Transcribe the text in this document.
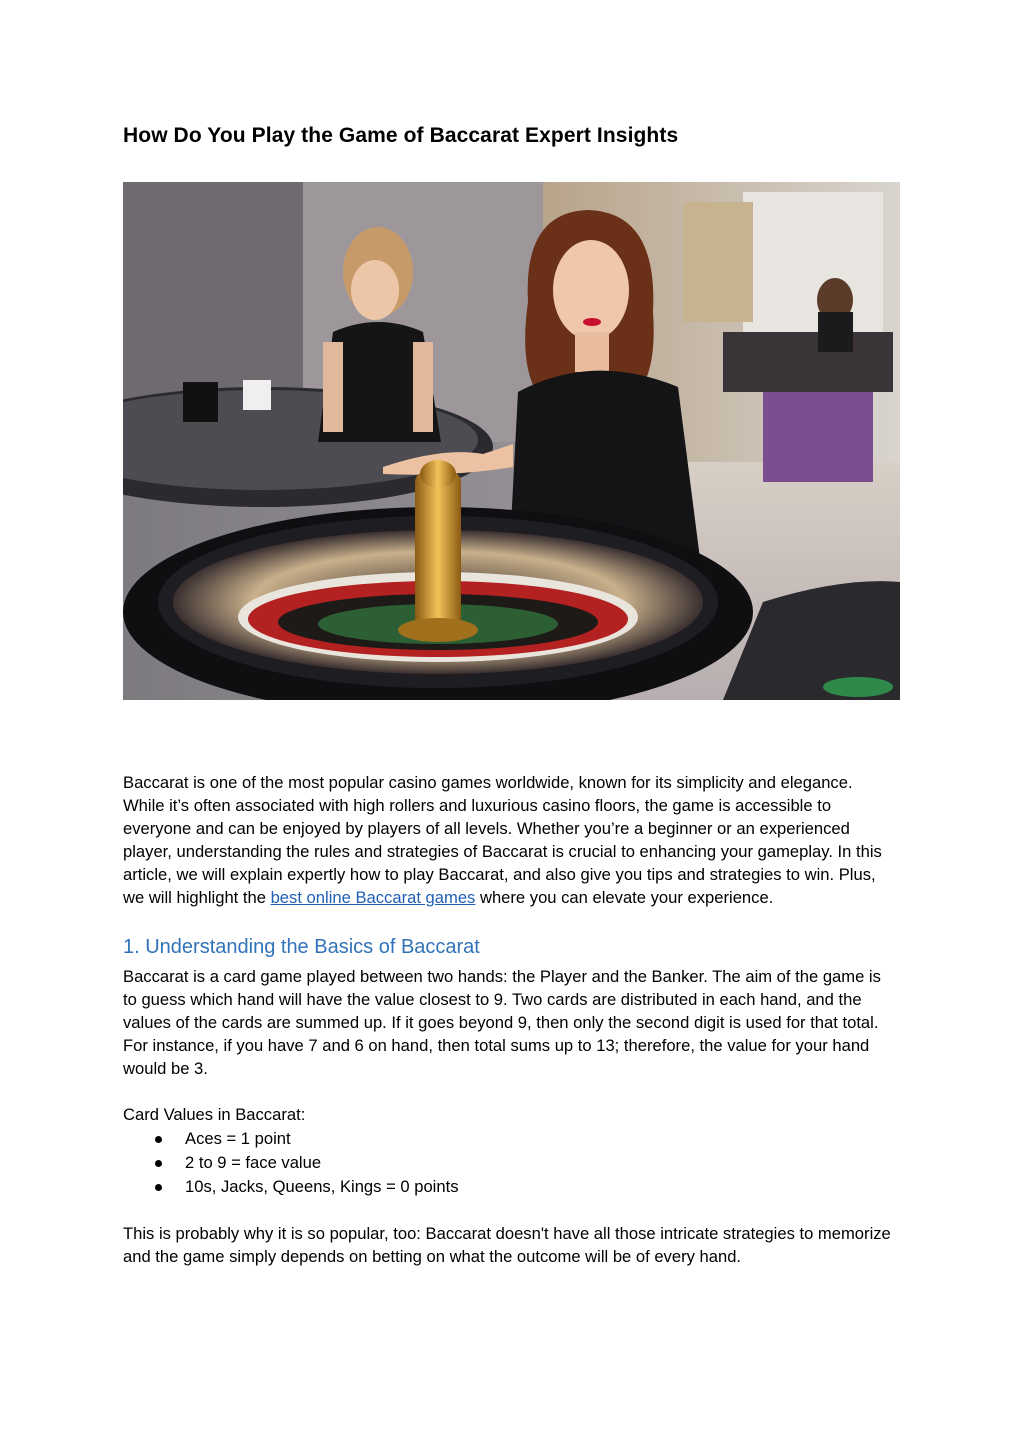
How Do You Play the Game of Baccarat Expert Insights

Baccarat is one of the most popular casino games worldwide, known for its simplicity and elegance. While it’s often associated with high rollers and luxurious casino floors, the game is accessible to everyone and can be enjoyed by players of all levels. Whether you’re a beginner or an experienced player, understanding the rules and strategies of Baccarat is crucial to enhancing your gameplay. In this article, we will explain expertly how to play Baccarat, and also give you tips and strategies to win. Plus, we will highlight the best online Baccarat games where you can elevate your experience.

1. Understanding the Basics of Baccarat

Baccarat is a card game played between two hands: the Player and the Banker. The aim of the game is to guess which hand will have the value closest to 9. Two cards are distributed in each hand, and the values of the cards are summed up. If it goes beyond 9, then only the second digit is used for that total. For instance, if you have 7 and 6 on hand, then total sums up to 13; therefore, the value for your hand would be 3.

Card Values in Baccarat:

Aces = 1 point
2 to 9 = face value
10s, Jacks, Queens, Kings = 0 points

This is probably why it is so popular, too: Baccarat doesn't have all those intricate strategies to memorize and the game simply depends on betting on what the outcome will be of every hand.
